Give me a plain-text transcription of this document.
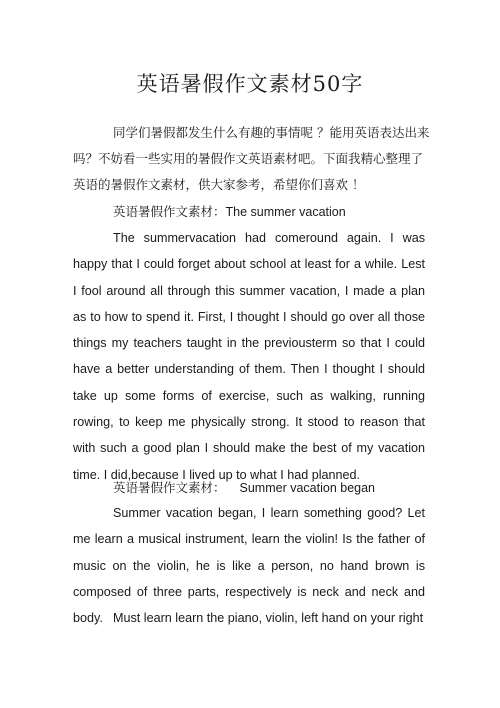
英语暑假作文素材50字
同学们暑假都发生什么有趣的事情呢 ？能用英语表达出来
吗？不妨看一些实用的暑假作文英语素材吧。下面我精心整理了
英语的暑假作文素材，供大家参考，希望你们喜欢 ！
英语暑假作文素材：The summer vacation

The summervacation had comeround again. I was happy that I could forget about school at least for a while. Lest I fool around all through this summer vacation, I made a plan as to how to spend it. First, I thought I should go over all those things my teachers taught in the previousterm so that I could have a better understanding of them. Then I thought I should take up some forms of exercise, such as walking, running rowing, to keep me physically strong. It stood to reason that with such a good plan I should make the best of my vacation time. I did,because I lived up to what I had planned.

英语暑假作文素材： Summer vacation began

Summer vacation began, I learn something good? Let me learn a musical instrument, learn the violin! Is the father of music on the violin, he is like a person, no hand brown is composed of three parts, respectively is neck and neck and body. Must learn learn the piano, violin, left hand on your right
